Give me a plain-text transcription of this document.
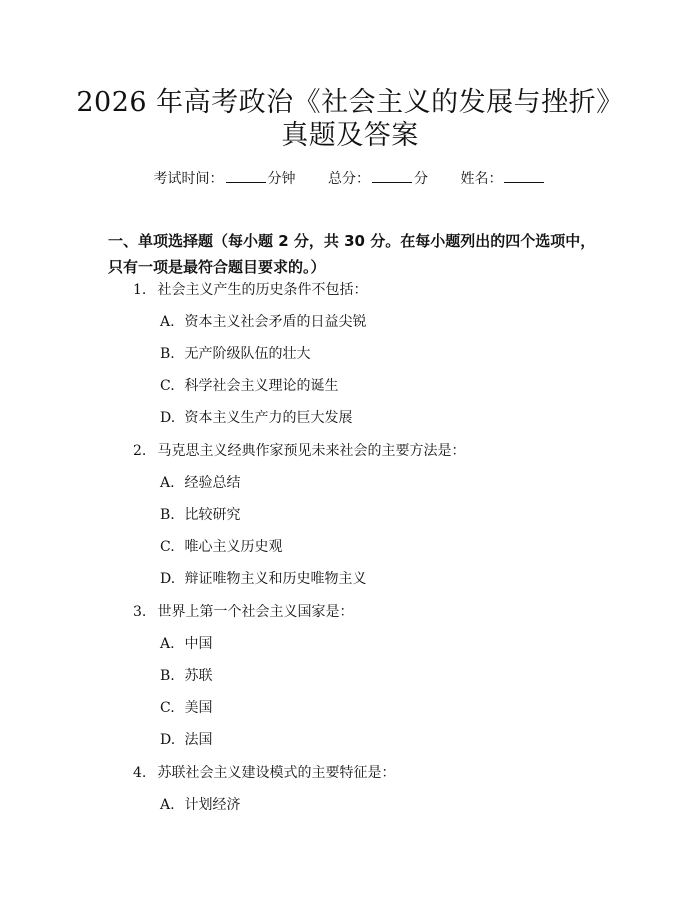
2026 年高考政治《社会主义的发展与挫折》
真题及答案
考试时间：	分钟 总分：	分 姓名：
一、单项选择题（每小题 2 分，共 30 分。在每小题列出的四个选项中，只有一项是最符合题目要求的。）
1. 社会主义产生的历史条件不包括：
A. 资本主义社会矛盾的日益尖锐
B. 无产阶级队伍的壮大
C. 科学社会主义理论的诞生
D. 资本主义生产力的巨大发展
2. 马克思主义经典作家预见未来社会的主要方法是：
A. 经验总结
B. 比较研究
C. 唯心主义历史观
D. 辩证唯物主义和历史唯物主义
3. 世界上第一个社会主义国家是：
A. 中国
B. 苏联
C. 美国
D. 法国
4. 苏联社会主义建设模式的主要特征是：
A. 计划经济
